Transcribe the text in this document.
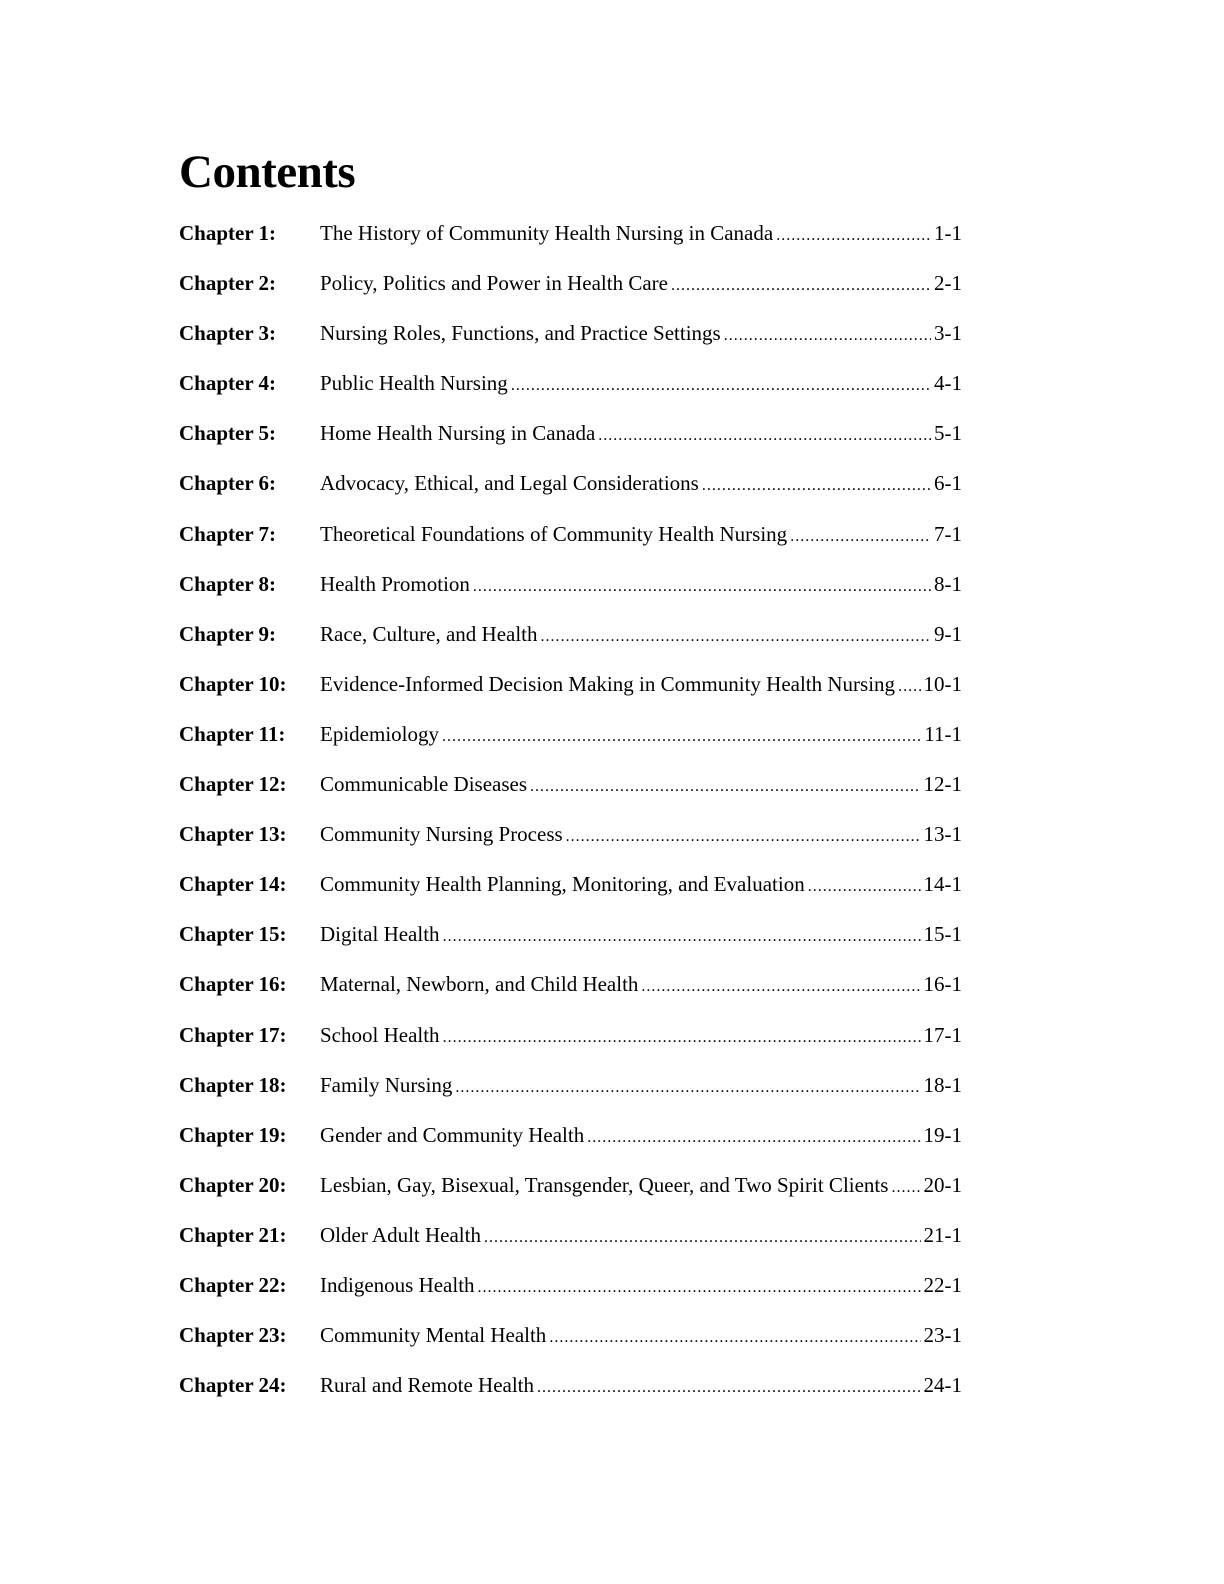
Contents
Chapter 1:	The History of Community Health Nursing in Canada .....	1-1
Chapter 2:	Policy, Politics and Power in Health Care .....	2-1
Chapter 3:	Nursing Roles, Functions, and Practice Settings .....	3-1
Chapter 4:	Public Health Nursing .....	4-1
Chapter 5:	Home Health Nursing in Canada .....	5-1
Chapter 6:	Advocacy, Ethical, and Legal Considerations .....	6-1
Chapter 7:	Theoretical Foundations of Community Health Nursing .....	7-1
Chapter 8:	Health Promotion .....	8-1
Chapter 9:	Race, Culture, and Health .....	9-1
Chapter 10:	Evidence-Informed Decision Making in Community Health Nursing ..... 10-1
Chapter 11:	Epidemiology .....	11-1
Chapter 12:	Communicable Diseases .....	12-1
Chapter 13:	Community Nursing Process .....	13-1
Chapter 14:	Community Health Planning, Monitoring, and Evaluation .....	14-1
Chapter 15:	Digital Health .....	15-1
Chapter 16:	Maternal, Newborn, and Child Health .....	16-1
Chapter 17:	School Health .....	17-1
Chapter 18:	Family Nursing .....	18-1
Chapter 19:	Gender and Community Health .....	19-1
Chapter 20:	Lesbian, Gay, Bisexual, Transgender, Queer, and Two Spirit Clients ..... 20-1
Chapter 21:	Older Adult Health .....	21-1
Chapter 22:	Indigenous Health .....	22-1
Chapter 23:	Community Mental Health .....	23-1
Chapter 24:	Rural and Remote Health .....	24-1
